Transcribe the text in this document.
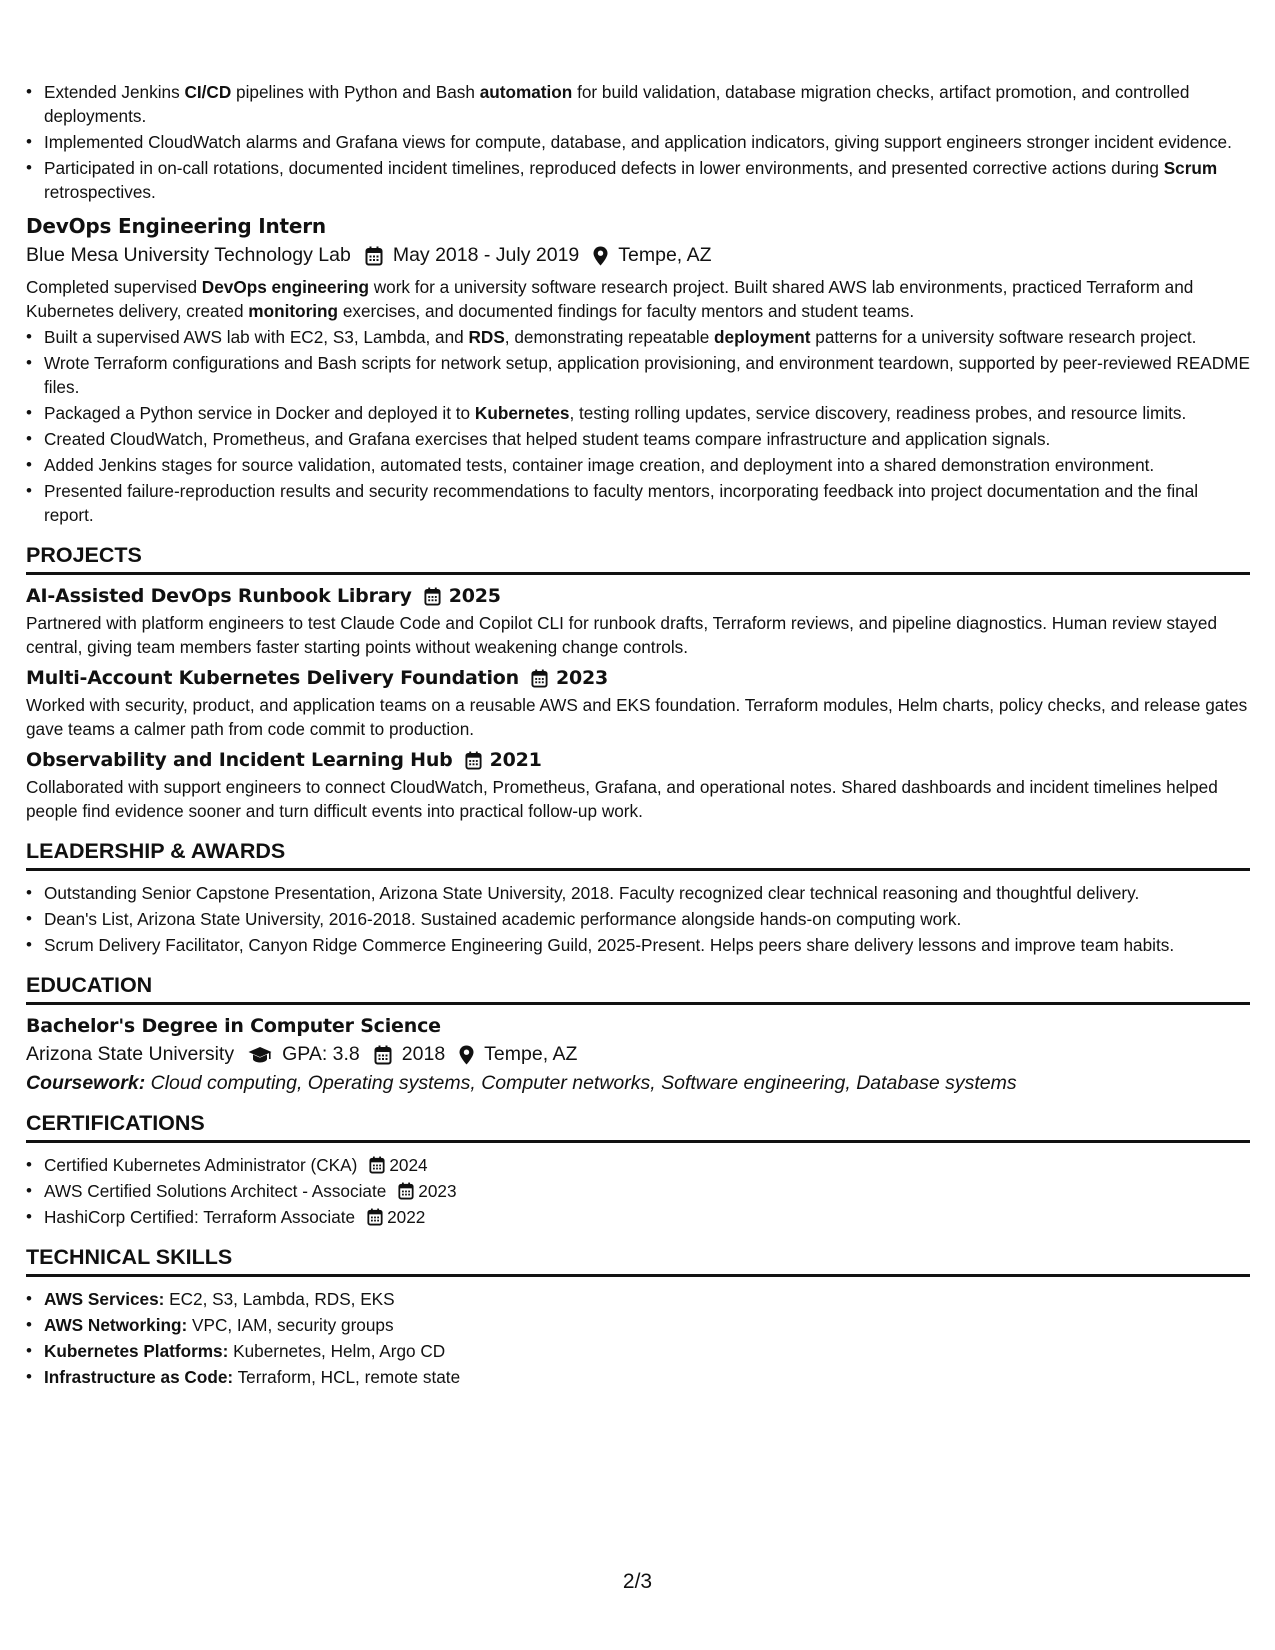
• Extended Jenkins CI/CD pipelines with Python and Bash automation for build validation, database migration checks, artifact promotion, and controlled deployments.
• Implemented CloudWatch alarms and Grafana views for compute, database, and application indicators, giving support engineers stronger incident evidence.
• Participated in on-call rotations, documented incident timelines, reproduced defects in lower environments, and presented corrective actions during Scrum retrospectives.
DevOps Engineering Intern
Blue Mesa University Technology Lab May 2018 - July 2019 Tempe, AZ

Completed supervised DevOps engineering work for a university software research project. Built shared AWS lab environments, practiced Terraform and Kubernetes delivery, created monitoring exercises, and documented findings for faculty mentors and student teams.

• Built a supervised AWS lab with EC2, S3, Lambda, and RDS, demonstrating repeatable deployment patterns for a university software research project.
• Wrote Terraform configurations and Bash scripts for network setup, application provisioning, and environment teardown, supported by peer-reviewed README files.
• Packaged a Python service in Docker and deployed it to Kubernetes, testing rolling updates, service discovery, readiness probes, and resource limits.
• Created CloudWatch, Prometheus, and Grafana exercises that helped student teams compare infrastructure and application signals.
• Added Jenkins stages for source validation, automated tests, container image creation, and deployment into a shared demonstration environment.
• Presented failure-reproduction results and security recommendations to faculty mentors, incorporating feedback into project documentation and the final report.
PROJECTS
AI-Assisted DevOps Runbook Library 2025

Partnered with platform engineers to test Claude Code and Copilot CLI for runbook drafts, Terraform reviews, and pipeline diagnostics. Human review stayed central, giving team members faster starting points without weakening change controls.

Multi-Account Kubernetes Delivery Foundation 2023

Worked with security, product, and application teams on a reusable AWS and EKS foundation. Terraform modules, Helm charts, policy checks, and release gates gave teams a calmer path from code commit to production.

Observability and Incident Learning Hub 2021

Collaborated with support engineers to connect CloudWatch, Prometheus, Grafana, and operational notes. Shared dashboards and incident timelines helped people find evidence sooner and turn difficult events into practical follow-up work.

LEADERSHIP & AWARDS
• Outstanding Senior Capstone Presentation, Arizona State University, 2018. Faculty recognized clear technical reasoning and thoughtful delivery.
• Dean's List, Arizona State University, 2016-2018. Sustained academic performance alongside hands-on computing work.
• Scrum Delivery Facilitator, Canyon Ridge Commerce Engineering Guild, 2025-Present. Helps peers share delivery lessons and improve team habits.
EDUCATION
Bachelor's Degree in Computer Science
Arizona State University GPA: 3.8 2018 Tempe, AZ
Coursework: Cloud computing, Operating systems, Computer networks, Software engineering, Database systems
CERTIFICATIONS
• Certified Kubernetes Administrator (CKA) 2024
• AWS Certified Solutions Architect - Associate 2023
• HashiCorp Certified: Terraform Associate 2022
TECHNICAL SKILLS
• AWS Services: EC2, S3, Lambda, RDS, EKS
• AWS Networking: VPC, IAM, security groups
• Kubernetes Platforms: Kubernetes, Helm, Argo CD
• Infrastructure as Code: Terraform, HCL, remote state
2/3
